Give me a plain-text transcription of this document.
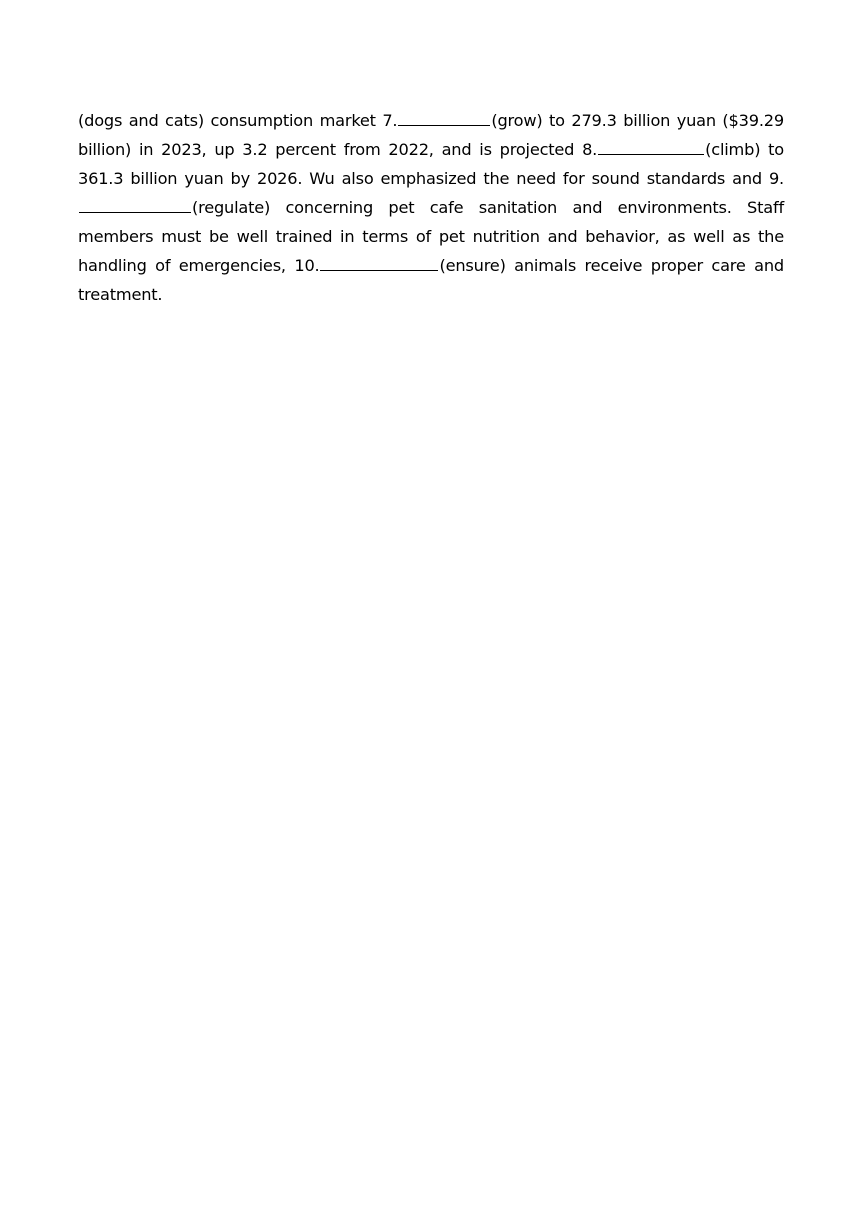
(dogs and cats) consumption market 7.	(grow) to 279.3 billion yuan ($39.29 billion) in 2023, up 3.2 percent from 2022, and is projected 8.	(climb) to 361.3 billion yuan by 2026. Wu also emphasized the need for sound standards and 9.(regulate) concerning pet cafe sanitation and environments. Staff members must be well trained in terms of pet nutrition and behavior, as well as the handling of emergencies, 10.	(ensure) animals receive proper care and treatment.
